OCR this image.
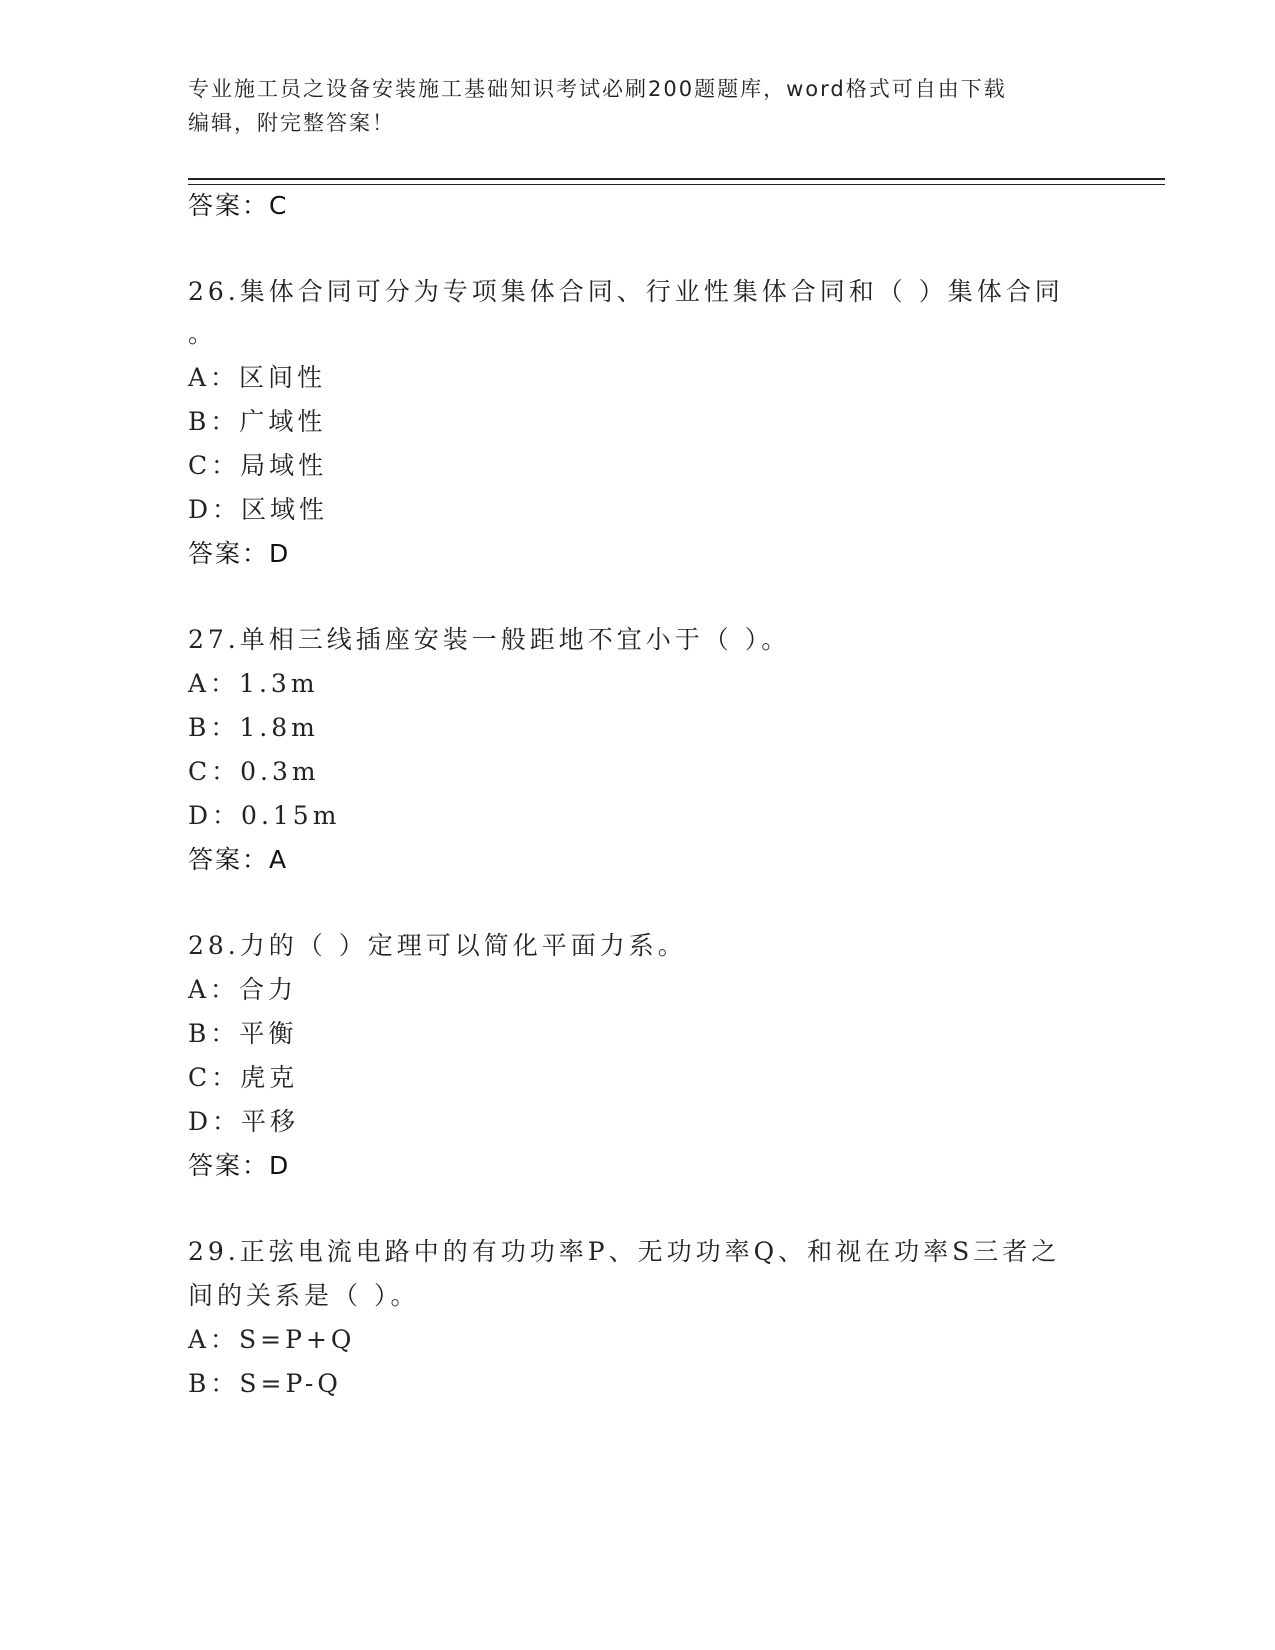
专业施工员之设备安装施工基础知识考试必刷200题题库，word格式可自由下载
编辑，附完整答案！
答案：C
26.集体合同可分为专项集体合同、行业性集体合同和（ ）集体合同
。
A：区间性
B：广域性
C：局域性
D：区域性
答案：D
27.单相三线插座安装一般距地不宜小于（ ）。
A：1.3m
B：1.8m
C：0.3m
D：0.15m
答案：A
28.力的（ ）定理可以简化平面力系。
A：合力
B：平衡
C：虎克
D：平移
答案：D
29.正弦电流电路中的有功功率P、无功功率Q、和视在功率S三者之
间的关系是（ ）。
A：S=P+Q
B：S=P-Q
